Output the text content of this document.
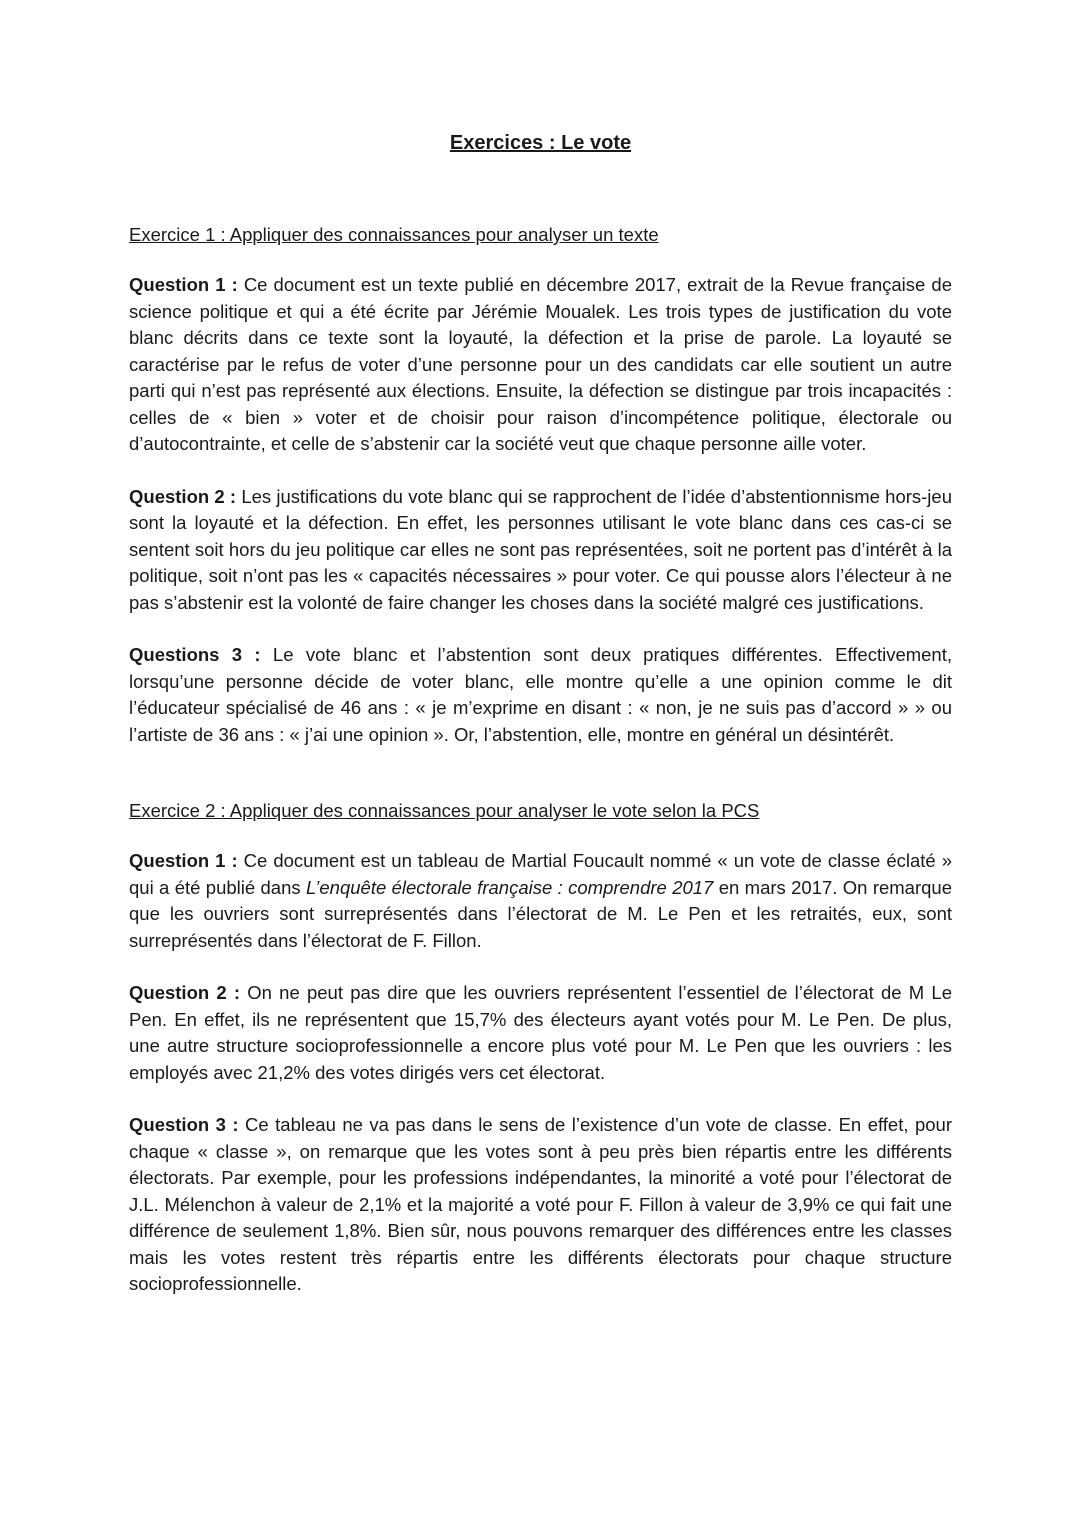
Exercices : Le vote
Exercice 1 : Appliquer des connaissances pour analyser un texte

Question 1 : Ce document est un texte publié en décembre 2017, extrait de la Revue française de science politique et qui a été écrite par Jérémie Moualek. Les trois types de justification du vote blanc décrits dans ce texte sont la loyauté, la défection et la prise de parole. La loyauté se caractérise par le refus de voter d’une personne pour un des candidats car elle soutient un autre parti qui n’est pas représenté aux élections. Ensuite, la défection se distingue par trois incapacités : celles de « bien » voter et de choisir pour raison d’incompétence politique, électorale ou d’autocontrainte, et celle de s’abstenir car la société veut que chaque personne aille voter.

Question 2 : Les justifications du vote blanc qui se rapprochent de l’idée d’abstentionnisme hors-jeu sont la loyauté et la défection. En effet, les personnes utilisant le vote blanc dans ces cas-ci se sentent soit hors du jeu politique car elles ne sont pas représentées, soit ne portent pas d’intérêt à la politique, soit n’ont pas les « capacités nécessaires » pour voter. Ce qui pousse alors l’électeur à ne pas s’abstenir est la volonté de faire changer les choses dans la société malgré ces justifications.

Questions 3 : Le vote blanc et l’abstention sont deux pratiques différentes. Effectivement, lorsqu’une personne décide de voter blanc, elle montre qu’elle a une opinion comme le dit l’éducateur spécialisé de 46 ans : « je m’exprime en disant : « non, je ne suis pas d’accord » » ou l’artiste de 36 ans : « j’ai une opinion ». Or, l’abstention, elle, montre en général un désintérêt.

Exercice 2 : Appliquer des connaissances pour analyser le vote selon la PCS

Question 1 : Ce document est un tableau de Martial Foucault nommé « un vote de classe éclaté » qui a été publié dans L’enquête électorale française : comprendre 2017 en mars 2017. On remarque que les ouvriers sont surreprésentés dans l’électorat de M. Le Pen et les retraités, eux, sont surreprésentés dans l’électorat de F. Fillon.

Question 2 : On ne peut pas dire que les ouvriers représentent l’essentiel de l’électorat de M Le Pen. En effet, ils ne représentent que 15,7% des électeurs ayant votés pour M. Le Pen. De plus, une autre structure socioprofessionnelle a encore plus voté pour M. Le Pen que les ouvriers : les employés avec 21,2% des votes dirigés vers cet électorat.

Question 3 : Ce tableau ne va pas dans le sens de l’existence d’un vote de classe. En effet, pour chaque « classe », on remarque que les votes sont à peu près bien répartis entre les différents électorats. Par exemple, pour les professions indépendantes, la minorité a voté pour l’électorat de J.L. Mélenchon à valeur de 2,1% et la majorité a voté pour F. Fillon à valeur de 3,9% ce qui fait une différence de seulement 1,8%. Bien sûr, nous pouvons remarquer des différences entre les classes mais les votes restent très répartis entre les différents électorats pour chaque structure socioprofessionnelle.
